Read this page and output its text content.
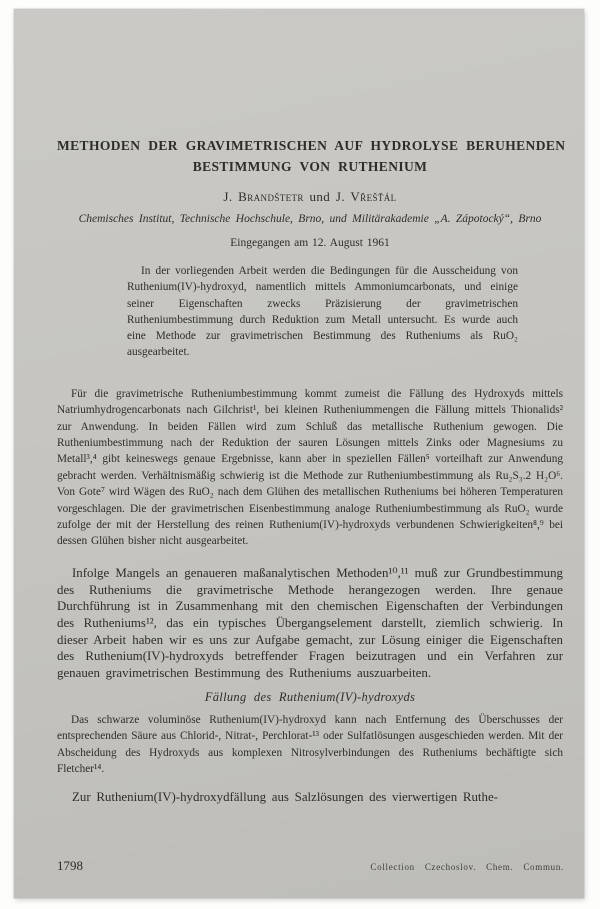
METHODEN DER GRAVIMETRISCHEN AUF HYDROLYSE BERUHENDEN
BESTIMMUNG VON RUTHENIUM
J. Brandštetr und J. Vřešťál
Chemisches Institut, Technische Hochschule, Brno, und Militärakademie „A. Zápotocký“, Brno
Eingegangen am 12. August 1961
In der vorliegenden Arbeit werden die Bedingungen für die Ausscheidung von Ruthenium(IV)-hydroxyd, namentlich mittels Ammoniumcarbonats, und einige seiner Eigenschaften zwecks Präzisierung der gravimetrischen Rutheniumbestimmung durch Reduktion zum Metall untersucht. Es wurde auch eine Methode zur gravimetrischen Bestimmung des Rutheniums als RuO₂ ausgearbeitet.

Für die gravimetrische Rutheniumbestimmung kommt zumeist die Fällung des Hydroxyds mittels Natriumhydrogencarbonats nach Gilchrist¹, bei kleinen Rutheniummengen die Fällung mittels Thionalids² zur Anwendung. In beiden Fällen wird zum Schluß das metallische Ruthenium gewogen. Die Rutheniumbestimmung nach der Reduktion der sauren Lösungen mittels Zinks oder Magnesiums zu Metall³,⁴ gibt keineswegs genaue Ergebnisse, kann aber in speziellen Fällen⁵ vorteilhaft zur Anwendung gebracht werden. Verhältnismäßig schwierig ist die Methode zur Rutheniumbestimmung als Ru₂S₃.2 H₂O⁶. Von Gote⁷ wird Wägen des RuO₂ nach dem Glühen des metallischen Rutheniums bei höheren Temperaturen vorgeschlagen. Die der gravimetrischen Eisenbestimmung analoge Rutheniumbestimmung als RuO₂ wurde zufolge der mit der Herstellung des reinen Ruthenium(IV)-hydroxyds verbundenen Schwierigkeiten⁸,⁹ bei dessen Glühen bisher nicht ausgearbeitet.

Infolge Mangels an genaueren maßanalytischen Methoden¹⁰,¹¹ muß zur Grundbestimmung des Rutheniums die gravimetrische Methode herangezogen werden. Ihre genaue Durchführung ist in Zusammenhang mit den chemischen Eigenschaften der Verbindungen des Rutheniums¹², das ein typisches Übergangselement darstellt, ziemlich schwierig. In dieser Arbeit haben wir es uns zur Aufgabe gemacht, zur Lösung einiger die Eigenschaften des Ruthenium(IV)-hydroxyds betreffender Fragen beizutragen und ein Verfahren zur genauen gravimetrischen Bestimmung des Rutheniums auszuarbeiten.

Fällung des Ruthenium(IV)-hydroxyds

Das schwarze voluminöse Ruthenium(IV)-hydroxyd kann nach Entfernung des Überschusses der entsprechenden Säure aus Chlorid-, Nitrat-, Perchlorat-¹³ oder Sulfatlösungen ausgeschieden werden. Mit der Abscheidung des Hydroxyds aus komplexen Nitrosylverbindungen des Rutheniums bechäftigte sich Fletcher¹⁴.

Zur Ruthenium(IV)-hydroxydfällung aus Salzlösungen des vierwertigen Ruthe-

1798	Collection Czechoslov. Chem. Commun.
